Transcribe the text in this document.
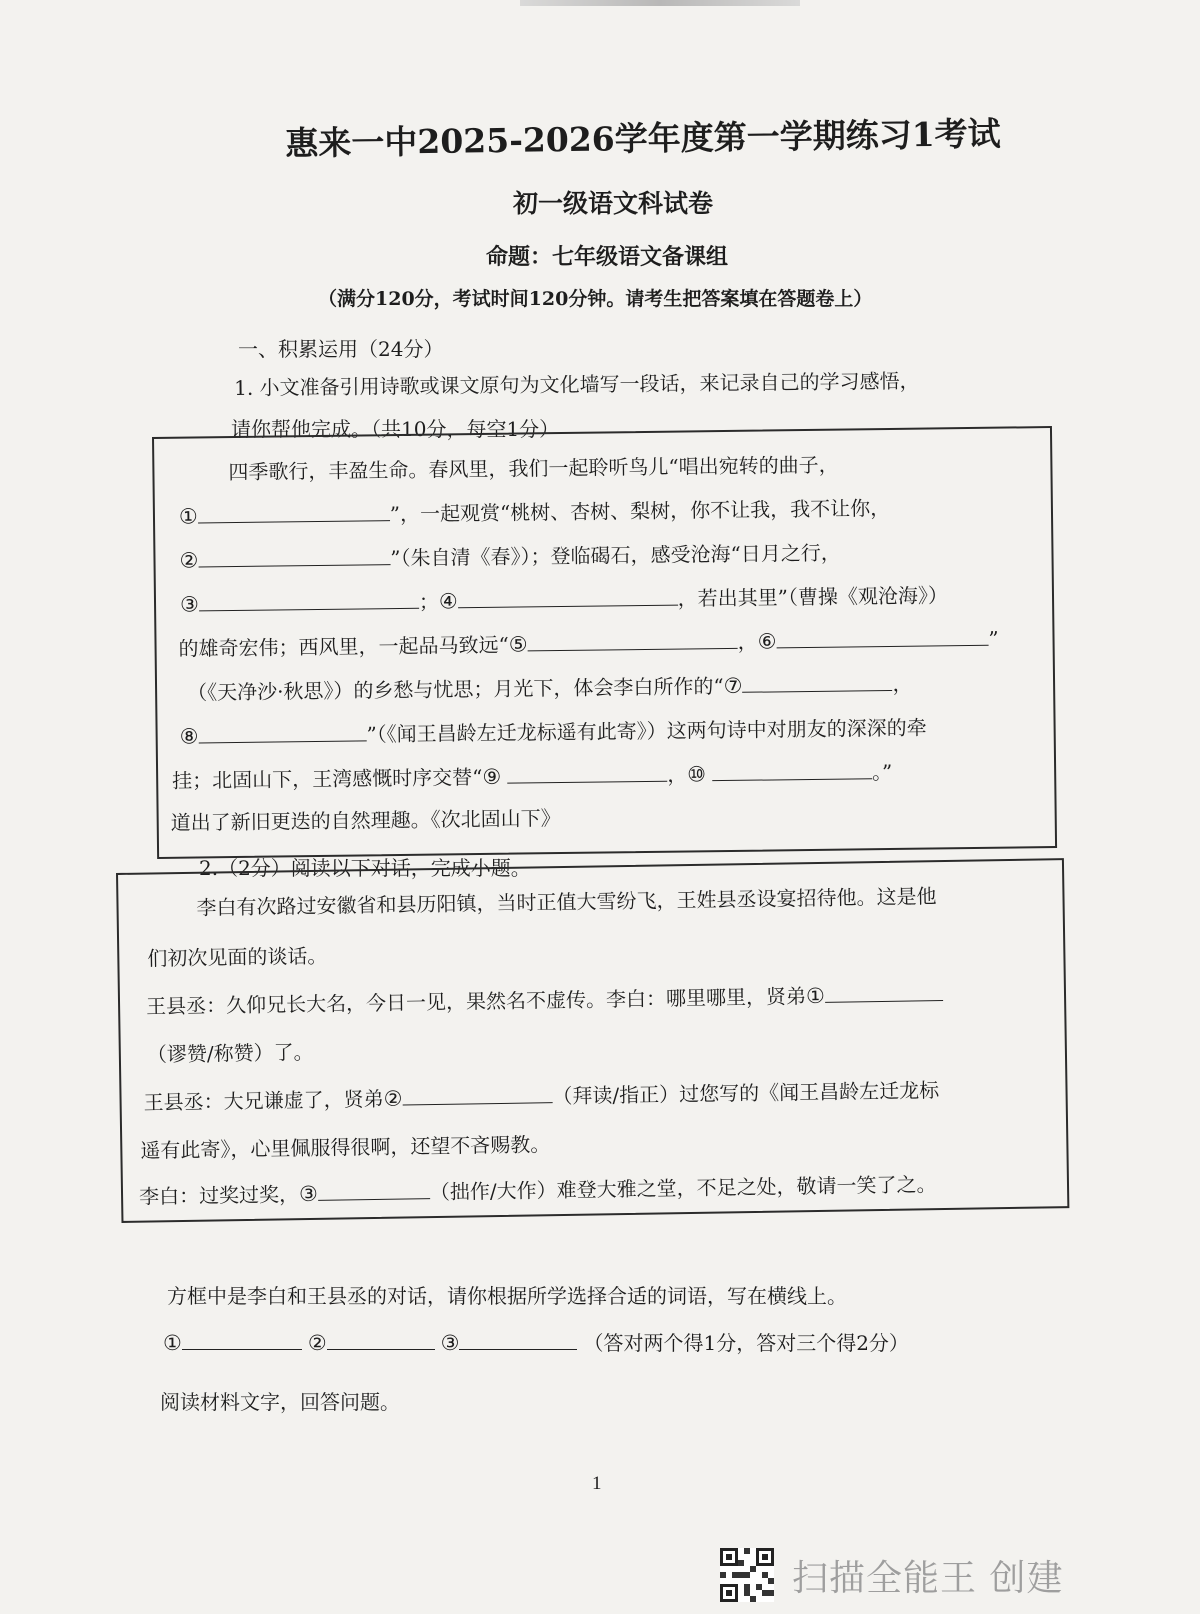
惠来一中2025-2026学年度第一学期练习1考试
初一级语文科试卷
命题：七年级语文备课组
（满分120分，考试时间120分钟。请考生把答案填在答题卷上）
一、积累运用（24分）
1. 小文准备引用诗歌或课文原句为文化墙写一段话，来记录自己的学习感悟，
请你帮他完成。（共10分，每空1分）
四季歌行，丰盈生命。春风里，我们一起聆听鸟儿“唱出宛转的曲子，
①	”，一起观赏“桃树、杏树、梨树，你不让我，我不让你，
②	”（朱自清《春》）；登临碣石，感受沧海“日月之行，
③	；④	，若出其里”（曹操《观沧海》）
的雄奇宏伟；西风里，一起品马致远“⑤	，⑥	”
（《天净沙·秋思》）的乡愁与忧思；月光下，体会李白所作的“⑦	，
⑧	”（《闻王昌龄左迁龙标遥有此寄》）这两句诗中对朋友的深深的牵
挂；北固山下，王湾感慨时序交替“⑨	，⑩	。”
道出了新旧更迭的自然理趣。《次北固山下》
2.（2分）阅读以下对话，完成小题。
李白有次路过安徽省和县历阳镇，当时正值大雪纷飞，王姓县丞设宴招待他。这是他
们初次见面的谈话。
王县丞：久仰兄长大名，今日一见，果然名不虚传。李白：哪里哪里，贤弟①
（谬赞/称赞）了。
王县丞：大兄谦虚了，贤弟②	（拜读/指正）过您写的《闻王昌龄左迁龙标
遥有此寄》，心里佩服得很啊，还望不吝赐教。
李白：过奖过奖，③	（拙作/大作）难登大雅之堂，不足之处，敬请一笑了之。
方框中是李白和王县丞的对话，请你根据所学选择合适的词语，写在横线上。
①	②	③	（答对两个得1分，答对三个得2分）
阅读材料文字，回答问题。
1
扫描全能王 创建
